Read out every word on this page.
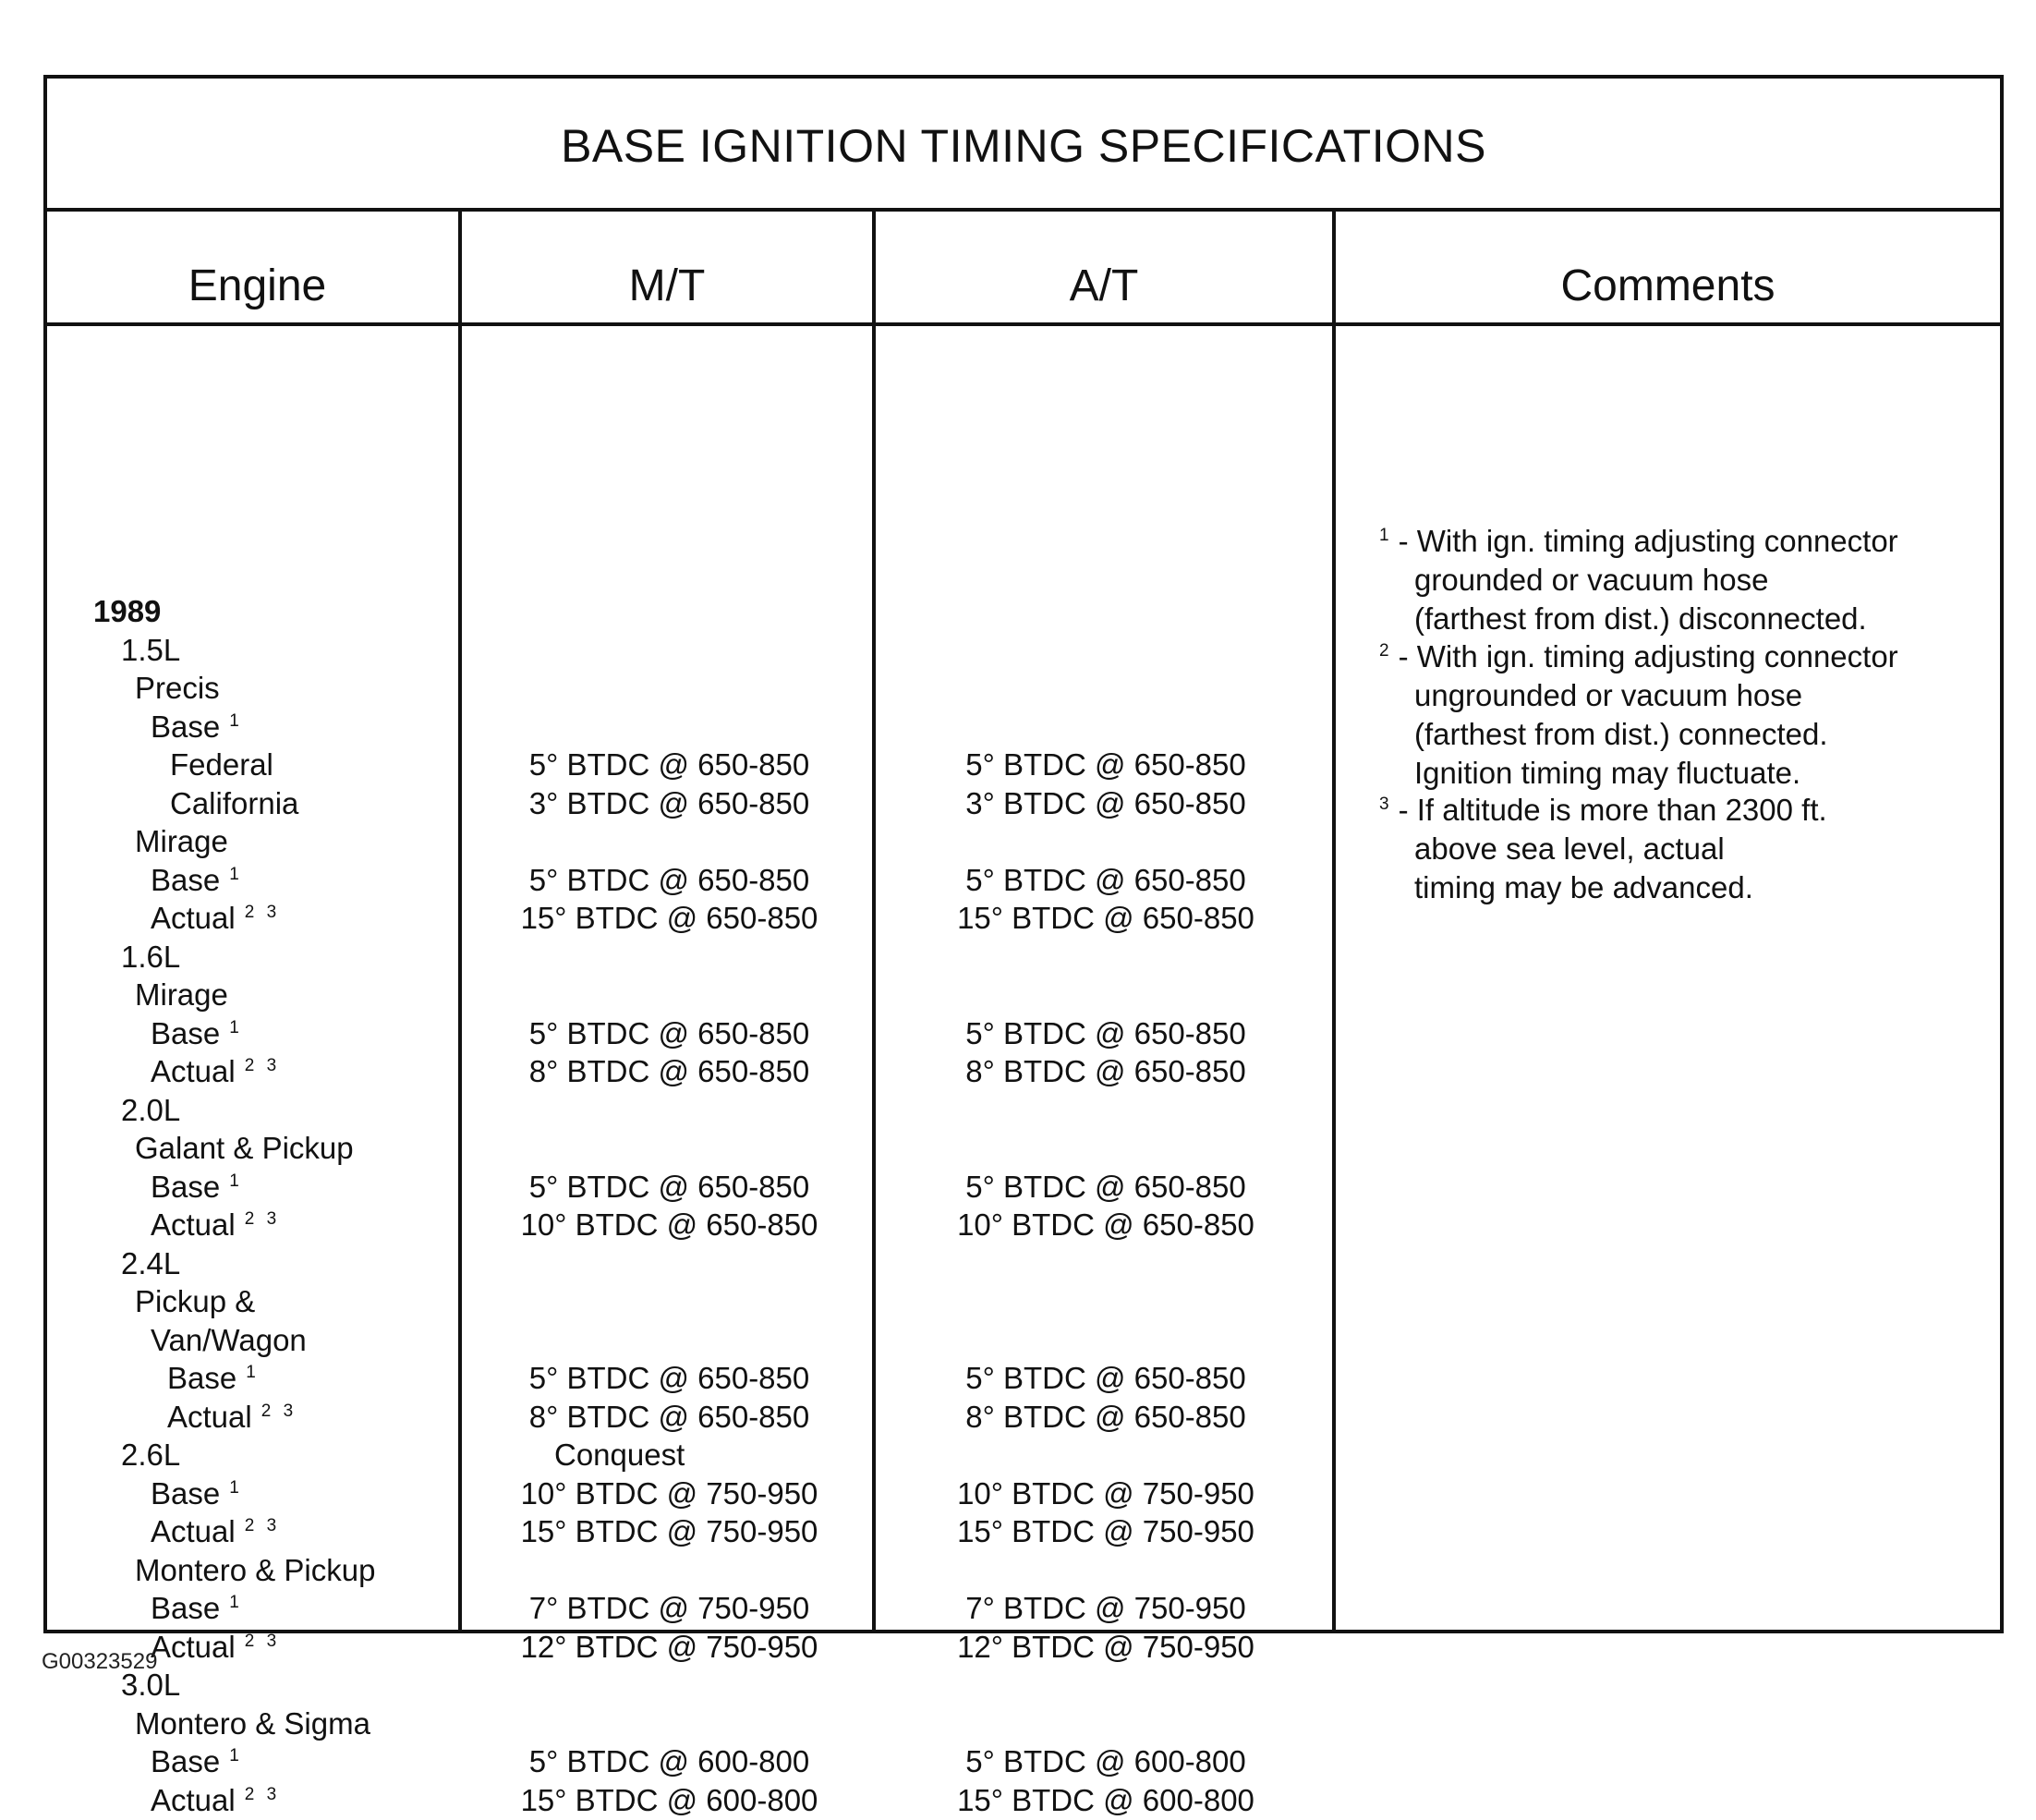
BASE IGNITION TIMING SPECIFICATIONS
Engine
1989
1.5L
Precis
Base $^1$
Federal
California
Mirage
Base $^1$
Actual $^{2 3}$
1.6L
Mirage
Base $^1$
Actual $^{2 3}$
2.0L
Galant & Pickup
Base $^1$
Actual $^{2 3}$
2.4L
Pickup &
Van/Wagon
Base $^1$
Actual $^{2 3}$
2.6L
Base $^1$
Actual $^{2 3}$
Montero & Pickup
Base $^1$
Actual $^{2 3}$
3.0L
Montero & Sigma
Base $^1$
Actual $^{2 3}$
M/T
5° BTDC @ 650-850
3° BTDC @ 650-850
5° BTDC @ 650-850
15° BTDC @ 650-850
5° BTDC @ 650-850
8° BTDC @ 650-850
5° BTDC @ 650-850
10° BTDC @ 650-850
5° BTDC @ 650-850
8° BTDC @ 650-850
Conquest
10° BTDC @ 750-950
15° BTDC @ 750-950
7° BTDC @ 750-950
12° BTDC @ 750-950
5° BTDC @ 600-800
15° BTDC @ 600-800
A/T
5° BTDC @ 650-850
3° BTDC @ 650-850
5° BTDC @ 650-850
15° BTDC @ 650-850
5° BTDC @ 650-850
8° BTDC @ 650-850
5° BTDC @ 650-850
10° BTDC @ 650-850
5° BTDC @ 650-850
8° BTDC @ 650-850
10° BTDC @ 750-950
15° BTDC @ 750-950
7° BTDC @ 750-950
12° BTDC @ 750-950
5° BTDC @ 600-800
15° BTDC @ 600-800
Comments
$^1$ - With ign. timing adjusting connector
grounded or vacuum hose
(farthest from dist.) disconnected.
$^2$ - With ign. timing adjusting connector
ungrounded or vacuum hose
(farthest from dist.) connected.
Ignition timing may fluctuate.
$^3$ - If altitude is more than 2300 ft.
above sea level, actual
timing may be advanced.
G00323529
